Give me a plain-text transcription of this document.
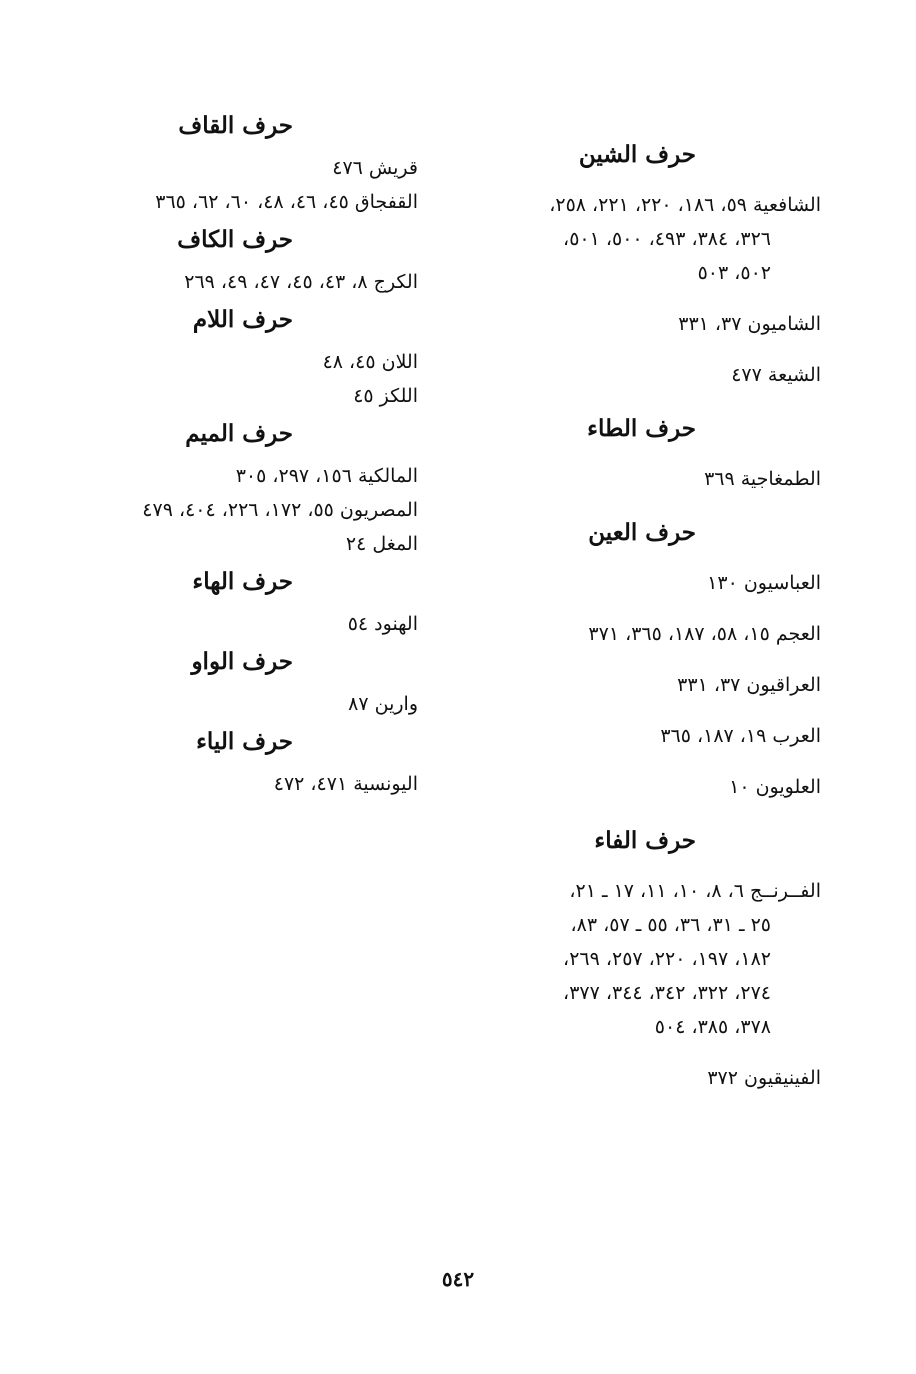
حرف الشين
الشافعية ٥٩، ١٨٦، ٢٢٠، ٢٢١، ٢٥٨،
٣٢٦، ٣٨٤، ٤٩٣، ٥٠٠، ٥٠١،
٥٠٢، ٥٠٣
الشاميون ٣٧، ٣٣١
الشيعة ٤٧٧
حرف الطاء
الطمغاجية ٣٦٩
حرف العين
العباسيون ١٣٠
العجم ١٥، ٥٨، ١٨٧، ٣٦٥، ٣٧١
العراقيون ٣٧، ٣٣١
العرب ١٩، ١٨٧، ٣٦٥
العلويون ١٠
حرف الفاء
الفــرنــج ٦، ٨، ١٠، ١١، ١٧ ـ ٢١،
٢٥ ـ ٣١، ٣٦، ٥٥ ـ ٥٧، ٨٣،
١٨٢، ١٩٧، ٢٢٠، ٢٥٧، ٢٦٩،
٢٧٤، ٣٢٢، ٣٤٢، ٣٤٤، ٣٧٧،
٣٧٨، ٣٨٥، ٥٠٤
الفينيقيون ٣٧٢
حرف القاف
قريش ٤٧٦
القفجاق ٤٥، ٤٦، ٤٨، ٦٠، ٦٢، ٣٦٥
حرف الكاف
الكرج ٨، ٤٣، ٤٥، ٤٧، ٤٩، ٢٦٩
حرف اللام
اللان ٤٥، ٤٨
اللكز ٤٥
حرف الميم
المالكية ١٥٦، ٢٩٧، ٣٠٥
المصريون ٥٥، ١٧٢، ٢٢٦، ٤٠٤، ٤٧٩
المغل ٢٤
حرف الهاء
الهنود ٥٤
حرف الواو
وارين ٨٧
حرف الياء
اليونسية ٤٧١، ٤٧٢
٥٤٢
